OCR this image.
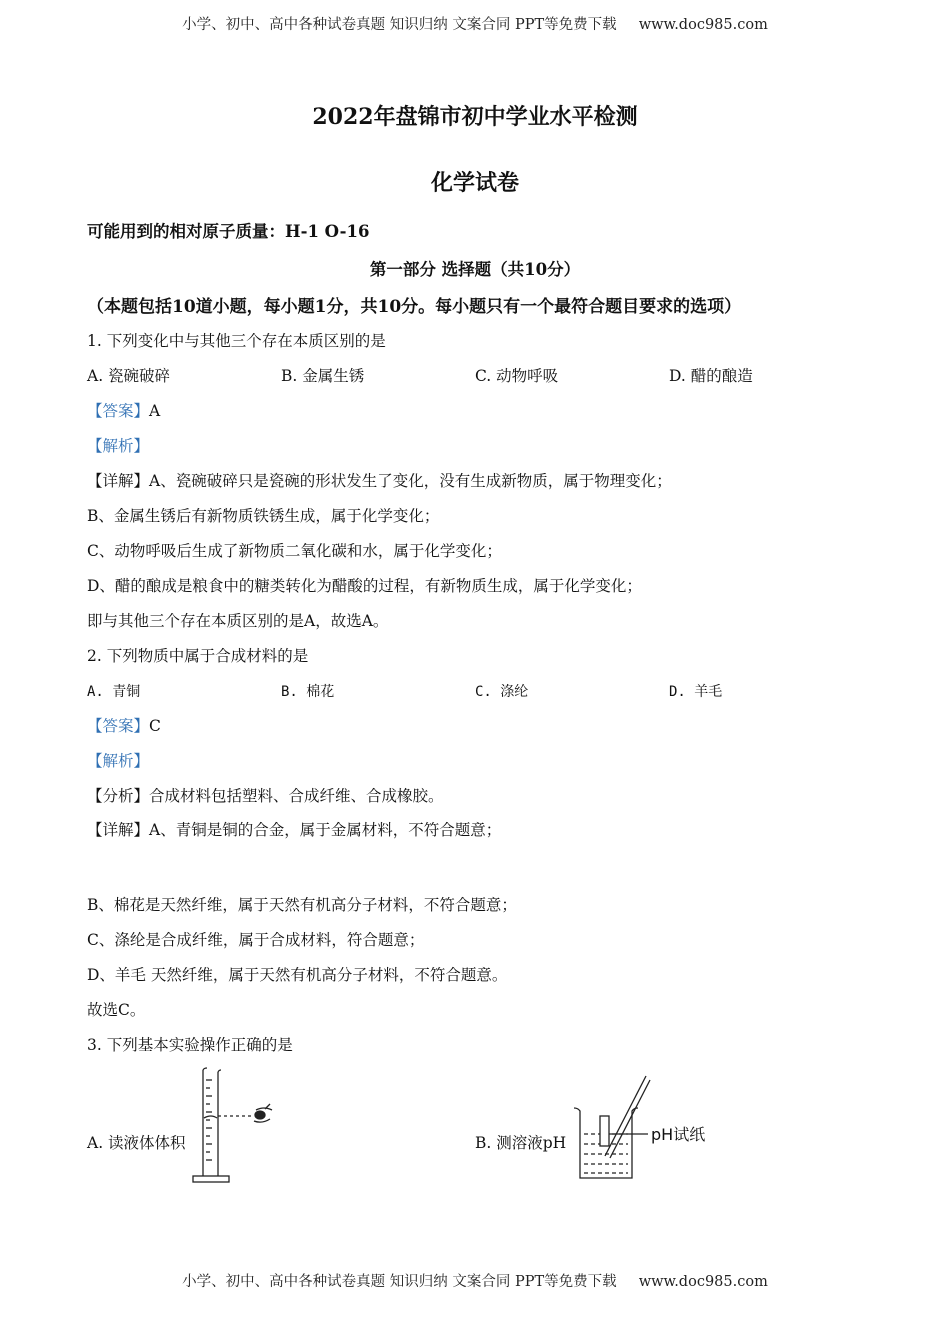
小学、初中、高中各种试卷真题 知识归纳 文案合同 PPT等免费下载 www.doc985.com
2022年盘锦市初中学业水平检测
化学试卷
可能用到的相对原子质量：H-1 O-16
第一部分 选择题（共10分）
（本题包括10道小题，每小题1分，共10分。每小题只有一个最符合题目要求的选项）
1. 下列变化中与其他三个存在本质区别的是
A. 瓷碗破碎	B. 金属生锈	C. 动物呼吸	D. 醋的酿造
【答案】A
【解析】
【详解】A、瓷碗破碎只是瓷碗的形状发生了变化，没有生成新物质，属于物理变化；
B、金属生锈后有新物质铁锈生成，属于化学变化；
C、动物呼吸后生成了新物质二氧化碳和水，属于化学变化；
D、醋的酿成是粮食中的糖类转化为醋酸的过程，有新物质生成，属于化学变化；
即与其他三个存在本质区别的是A，故选A。
2. 下列物质中属于合成材料的是
A. 青铜	B. 棉花	C. 涤纶	D. 羊毛
【答案】C
【解析】
【分析】合成材料包括塑料、合成纤维、合成橡胶。
【详解】A、青铜是铜的合金，属于金属材料，不符合题意；
B、棉花是天然纤维，属于天然有机高分子材料，不符合题意；
C、涤纶是合成纤维，属于合成材料，符合题意；
D、羊毛 天然纤维，属于天然有机高分子材料，不符合题意。
故选C。
3. 下列基本实验操作正确的是
A. 读液体体积	B. 测溶液pH	pH试纸
小学、初中、高中各种试卷真题 知识归纳 文案合同 PPT等免费下载 www.doc985.com
